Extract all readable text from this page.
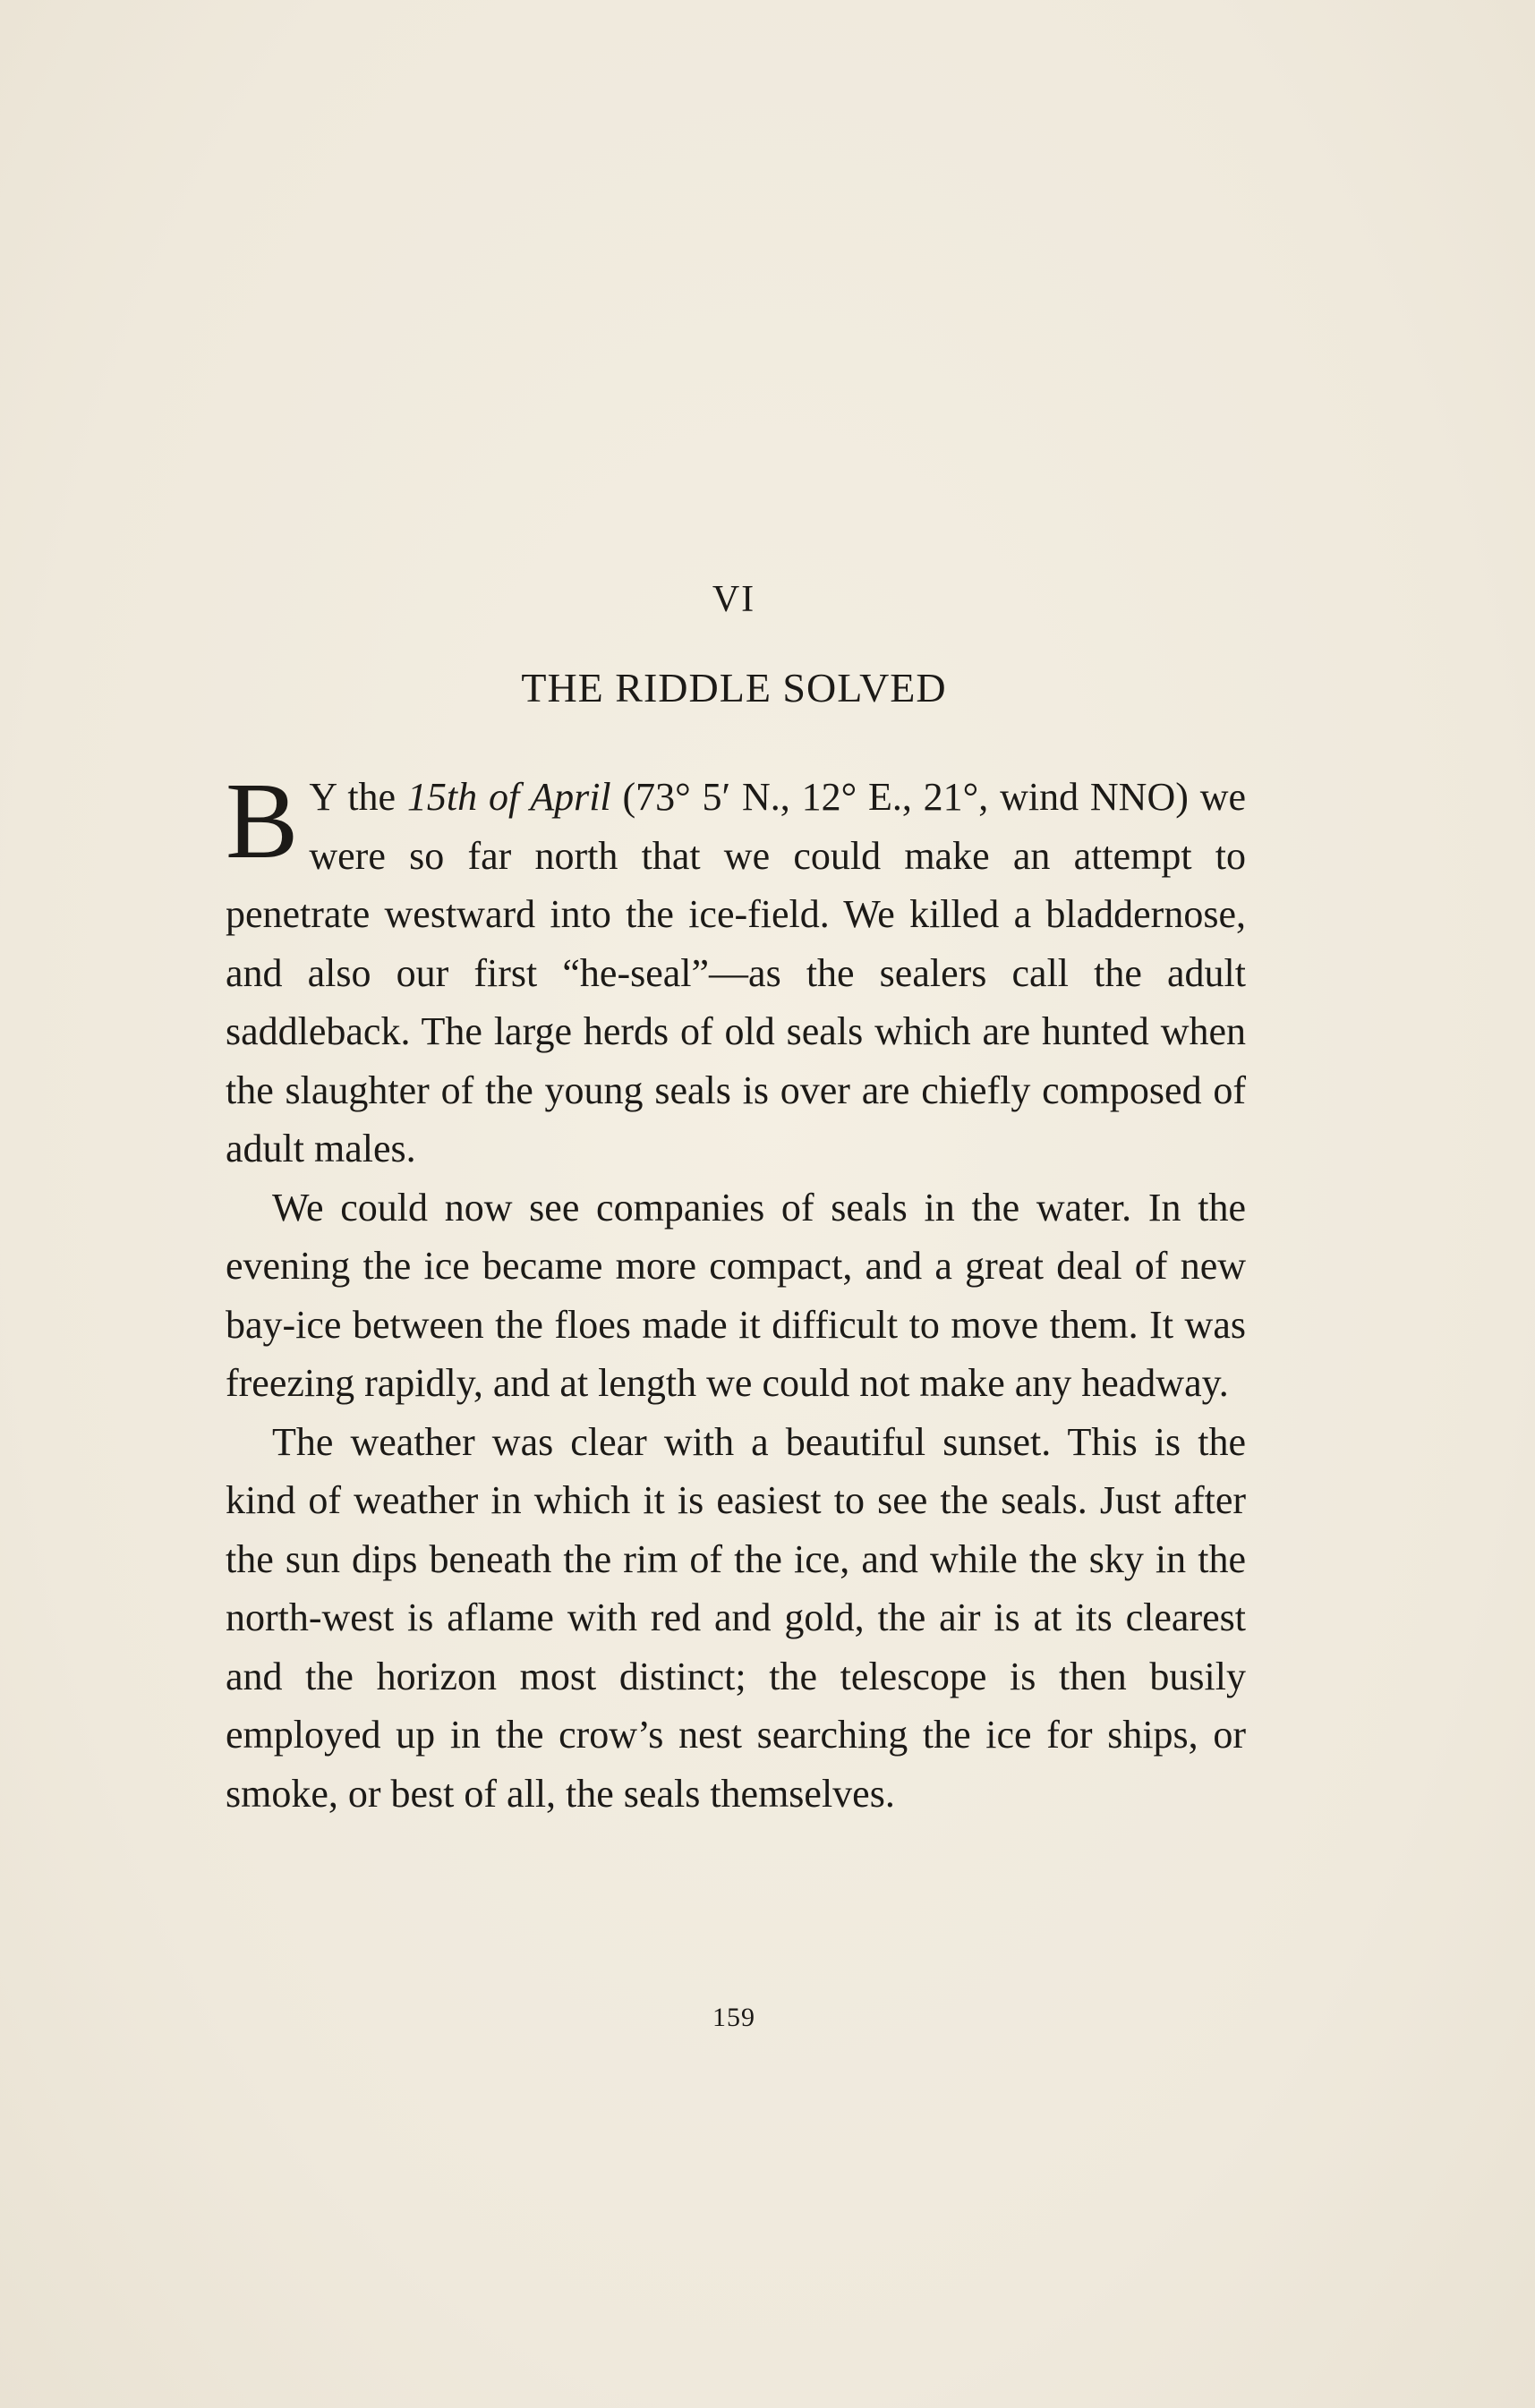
VI
THE RIDDLE SOLVED

B Y the 15th of April (73° 5′ N., 12° E., 21°, wind NNO) we were so far north that we could make an attempt to penetrate westward into the ice-field. We killed a bladdernose, and also our first “he-seal”—as the sealers call the adult saddleback. The large herds of old seals which are hunted when the slaughter of the young seals is over are chiefly composed of adult males.

We could now see companies of seals in the water. In the evening the ice became more compact, and a great deal of new bay-ice between the floes made it difficult to move them. It was freezing rapidly, and at length we could not make any headway.

The weather was clear with a beautiful sunset. This is the kind of weather in which it is easiest to see the seals. Just after the sun dips beneath the rim of the ice, and while the sky in the north-west is aflame with red and gold, the air is at its clearest and the horizon most distinct; the telescope is then busily employed up in the crow’s nest searching the ice for ships, or smoke, or best of all, the seals themselves.

159
